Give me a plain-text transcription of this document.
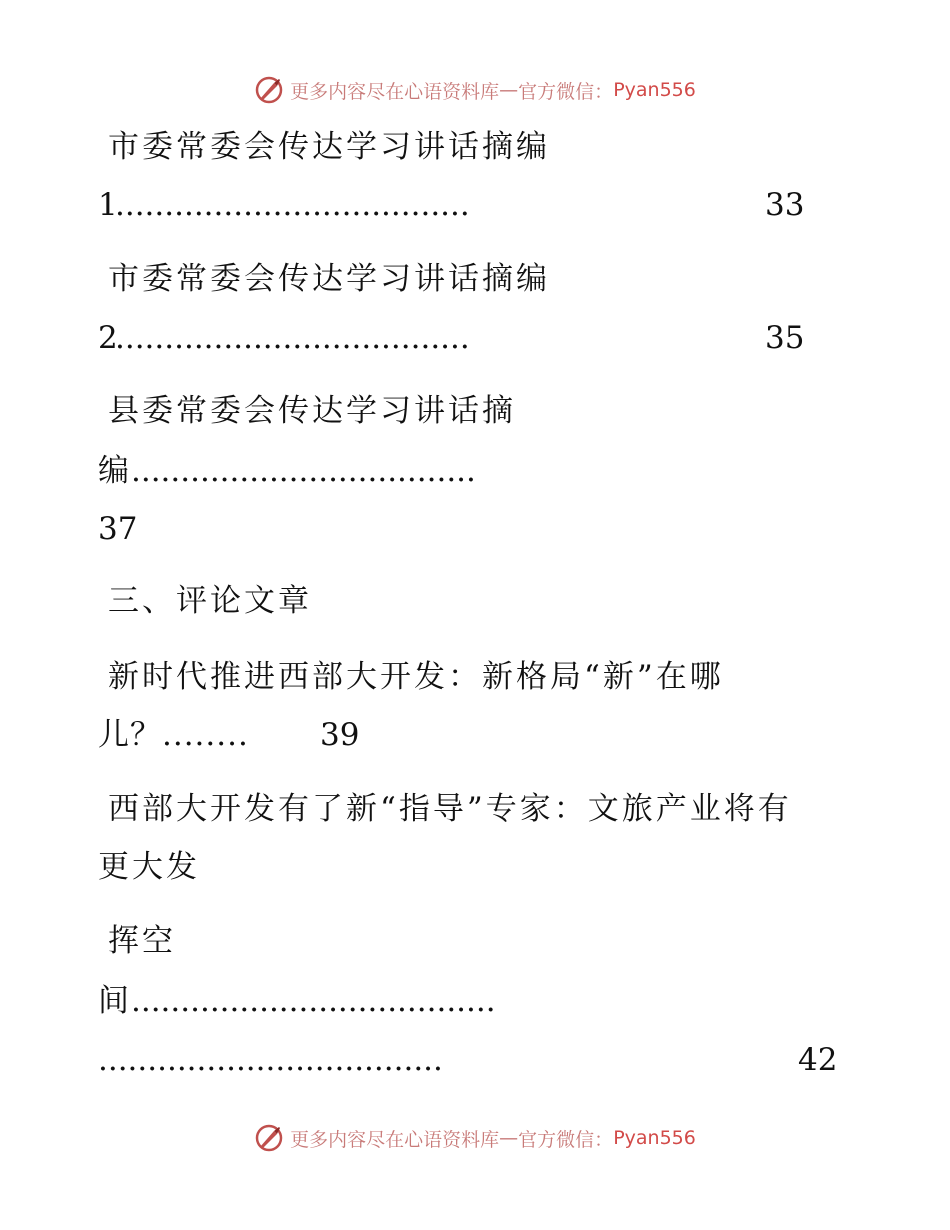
更多内容尽在心语资料库 — 官方微信： Pyan556
市委常委会传达学习讲话摘编
1
....................................	33
市委常委会传达学习讲话摘编
2
....................................	35
县委常委会传达学习讲话摘
编 ...................................
37
三、评论文章
新时代推进西部大开发：新格局“新”在哪
儿？........ 39
西部大开发有了新“指导”专家：文旅产业将有
更大发
挥空
间 .....................................
...................................	42
更多内容尽在心语资料库 — 官方微信： Pyan556
